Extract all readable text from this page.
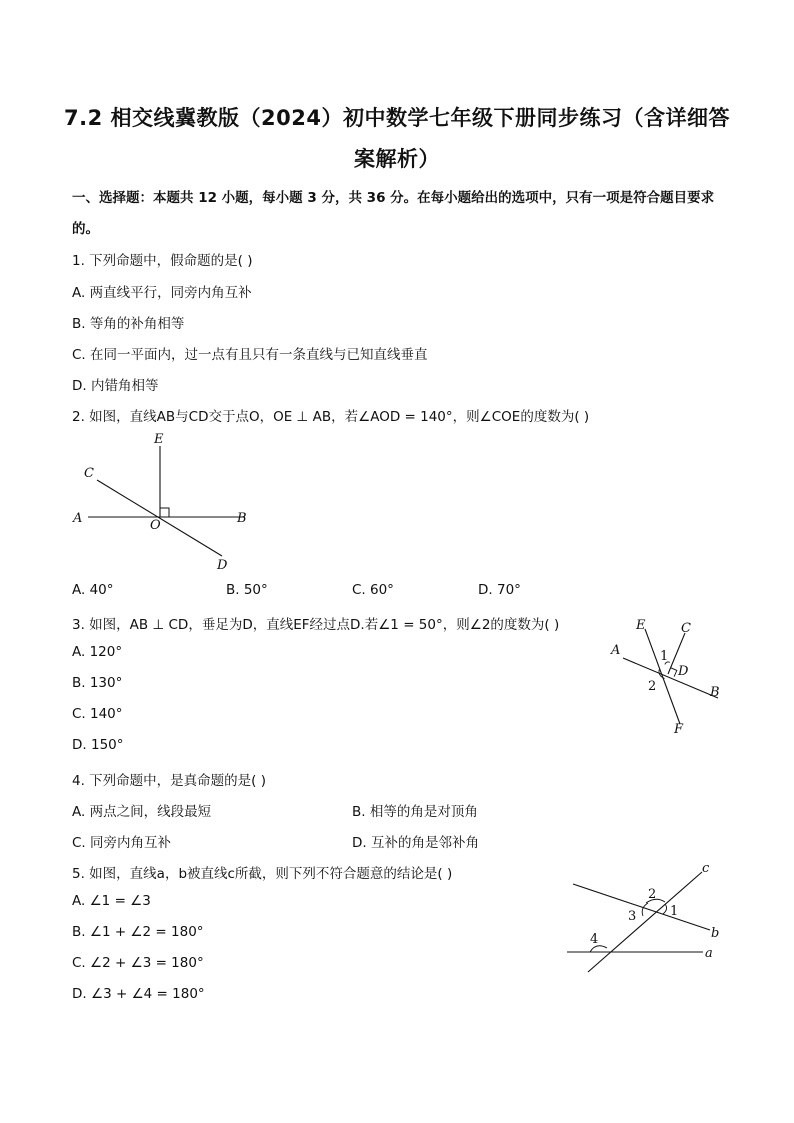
7.2 相交线冀教版（2024）初中数学七年级下册同步练习（含详细答
案解析）
一、选择题：本题共 12 小题，每小题 3 分，共 36 分。在每小题给出的选项中，只有一项是符合题目要求
的。
1. 下列命题中，假命题的是( )
A. 两直线平行，同旁内角互补
B. 等角的补角相等
C. 在同一平面内，过一点有且只有一条直线与已知直线垂直
D. 内错角相等
2. 如图，直线AB与CD交于点O，OE ⊥ AB，若∠AOD = 140°，则∠COE的度数为( )
E
C
A	O	B
D
A. 40°	B. 50°	C. 60°	D. 70°
3. 如图，AB ⊥ CD，垂足为D，直线EF经过点D.若∠1 = 50°，则∠2的度数为( )
A. 120°
B. 130°
C. 140°
D. 150°
E	C
A	1
D
2	B
F
4. 下列命题中，是真命题的是( )
A. 两点之间，线段最短	B. 相等的角是对顶角
C. 同旁内角互补	D. 互补的角是邻补角
5. 如图，直线a，b被直线c所截，则下列不符合题意的结论是( )
A. ∠1 = ∠3
B. ∠1 + ∠2 = 180°
C. ∠2 + ∠3 = 180°
D. ∠3 + ∠4 = 180°
c
2
3	1
b
4
a
